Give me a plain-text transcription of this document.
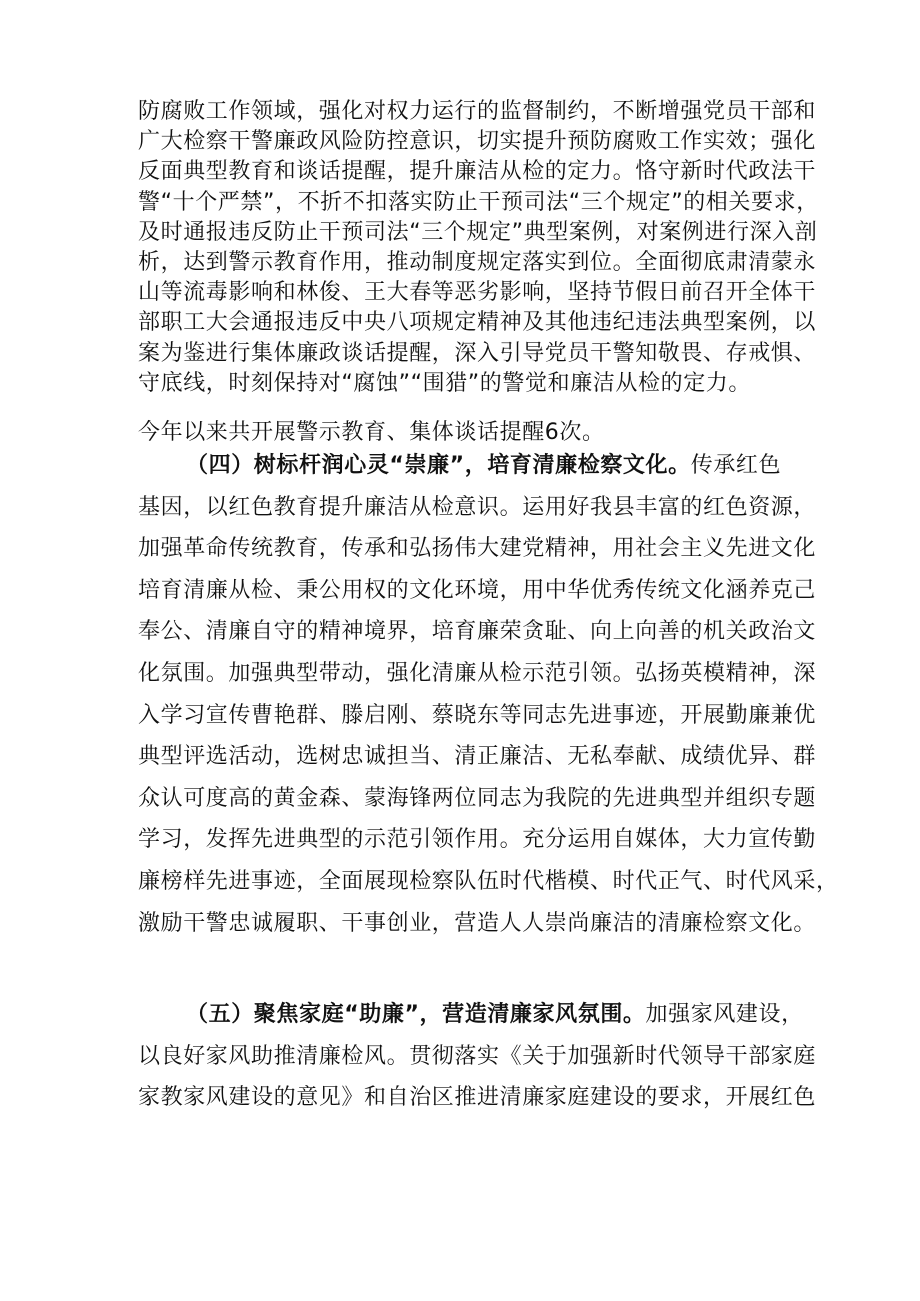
防腐败工作领域，强化对权力运行的监督制约，不断增强党员干部和
广大检察干警廉政风险防控意识，切实提升预防腐败工作实效；强化
反面典型教育和谈话提醒，提升廉洁从检的定力。恪守新时代政法干
警“十个严禁”，不折不扣落实防止干预司法“三个规定”的相关要求，
及时通报违反防止干预司法“三个规定”典型案例，对案例进行深入剖
析，达到警示教育作用，推动制度规定落实到位。全面彻底肃清蒙永
山等流毒影响和林俊、王大春等恶劣影响，坚持节假日前召开全体干
部职工大会通报违反中央八项规定精神及其他违纪违法典型案例，以
案为鉴进行集体廉政谈话提醒，深入引导党员干警知敬畏、存戒惧、
守底线，时刻保持对“腐蚀”“围猎”的警觉和廉洁从检的定力。
今年以来共开展警示教育、集体谈话提醒6次。
（四）树标杆润心灵“崇廉”，培育清廉检察文化。传承红色
基因，以红色教育提升廉洁从检意识。运用好我县丰富的红色资源，
加强革命传统教育，传承和弘扬伟大建党精神，用社会主义先进文化
培育清廉从检、秉公用权的文化环境，用中华优秀传统文化涵养克己
奉公、清廉自守的精神境界，培育廉荣贪耻、向上向善的机关政治文
化氛围。加强典型带动，强化清廉从检示范引领。弘扬英模精神，深
入学习宣传曹艳群、滕启刚、蔡晓东等同志先进事迹，开展勤廉兼优
典型评选活动，选树忠诚担当、清正廉洁、无私奉献、成绩优异、群
众认可度高的黄金森、蒙海锋两位同志为我院的先进典型并组织专题
学习，发挥先进典型的示范引领作用。充分运用自媒体，大力宣传勤
廉榜样先进事迹，全面展现检察队伍时代楷模、时代正气、时代风采，
激励干警忠诚履职、干事创业，营造人人崇尚廉洁的清廉检察文化。
（五）聚焦家庭“助廉”，营造清廉家风氛围。加强家风建设，
以良好家风助推清廉检风。贯彻落实《关于加强新时代领导干部家庭
家教家风建设的意见》和自治区推进清廉家庭建设的要求，开展红色
